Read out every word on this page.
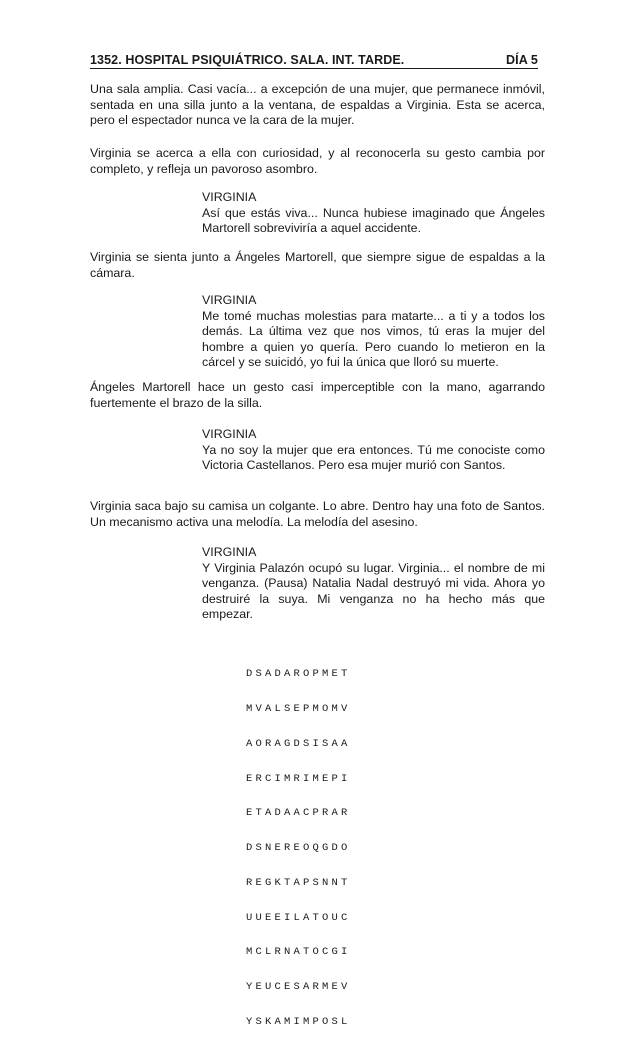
1352. HOSPITAL PSIQUIÁTRICO. SALA. INT. TARDE.	DÍA 5

Una sala amplia. Casi vacía... a excepción de una mujer, que permanece inmóvil, sentada en una silla junto a la ventana, de espaldas a Virginia. Esta se acerca, pero el espectador nunca ve la cara de la mujer.

Virginia se acerca a ella con curiosidad, y al reconocerla su gesto cambia por completo, y refleja un pavoroso asombro.

VIRGINIA

Así que estás viva... Nunca hubiese imaginado que Ángeles Martorell sobreviviría a aquel accidente.

Virginia se sienta junto a Ángeles Martorell, que siempre sigue de espaldas a la cámara.

VIRGINIA

Me tomé muchas molestias para matarte... a ti y a todos los demás. La última vez que nos vimos, tú eras la mujer del hombre a quien yo quería. Pero cuando lo metieron en la cárcel y se suicidó, yo fui la única que lloró su muerte.

Ángeles Martorell hace un gesto casi imperceptible con la mano, agarrando fuertemente el brazo de la silla.

VIRGINIA

Ya no soy la mujer que era entonces. Tú me conociste como Victoria Castellanos. Pero esa mujer murió con Santos.

Virginia saca bajo su camisa un colgante. Lo abre. Dentro hay una foto de Santos. Un mecanismo activa una melodía. La melodía del asesino.

VIRGINIA

Y Virginia Palazón ocupó su lugar. Virginia... el nombre de mi venganza. (Pausa) Natalia Nadal destruyó mi vida. Ahora yo destruiré la suya. Mi venganza no ha hecho más que empezar.

DSADAROPMET

MVALSEPMOMV

AORAGDSISAA

ERCIMRIMEPI

ETADAACPRAR

DSNEREOQGDO

REGKTAPSNNT

UUEEILATOUC

MCLRNATOCGI

YEUCESARMEV

YSKAMIMPOSL
